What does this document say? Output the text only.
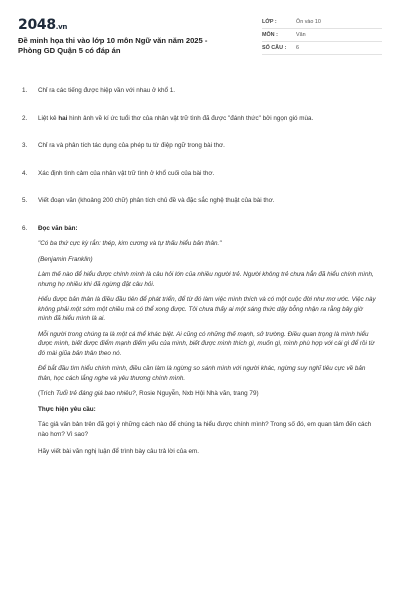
2048.vn
Đề minh họa thi vào lớp 10 môn Ngữ văn năm 2025 - Phòng GD Quận 5 có đáp án
LỚP :	Ôn vào 10
MÔN :	Văn
SỐ CÂU :	6
1.	Chỉ ra các tiếng được hiệp vần với nhau ở khổ 1.
2.	Liệt kê hai hình ảnh về kí ức tuổi thơ của nhân vật trữ tình đã được "đánh thức" bởi ngọn gió mùa.
3.	Chỉ ra và phân tích tác dụng của phép tu từ điệp ngữ trong bài thơ.
4.	Xác định tình cảm của nhân vật trữ tình ở khổ cuối của bài thơ.
5.	Viết đoạn văn (khoảng 200 chữ) phân tích chủ đề và đặc sắc nghệ thuật của bài thơ.
6.	Đọc văn bản:

"Có ba thứ cực kỳ rắn: thép, kim cương và tự thấu hiểu bản thân."

(Benjamin Franklin)

Làm thế nào để hiểu được chính mình là câu hỏi lớn của nhiều người trẻ. Người không trẻ chưa hẳn đã hiểu chính mình, nhưng họ nhiều khi đã ngừng đặt câu hỏi.

Hiểu được bản thân là điều đầu tiên để phát triển, để từ đó làm việc mình thích và có một cuộc đời như mơ ước. Việc này không phải một sớm một chiều mà có thể xong được. Tôi chưa thấy ai một sáng thức dậy bỗng nhận ra rằng bây giờ mình đã hiểu mình là ai.

Mỗi người trong chúng ta là một cá thể khác biệt. Ai cũng có những thế mạnh, sở trường. Điều quan trọng là mình hiểu được mình, biết được điểm mạnh điểm yếu của mình, biết được mình thích gì, muốn gì, mình phù hợp với cái gì để rồi từ đó mài giũa bản thân theo nó.

Để bắt đầu tìm hiểu chính mình, điều cần làm là ngừng so sánh mình với người khác, ngừng suy nghĩ tiêu cực về bản thân, học cách lắng nghe và yêu thương chính mình.

(Trích Tuổi trẻ đáng giá bao nhiêu?, Rosie Nguyễn, Nxb Hội Nhà văn, trang 79)

Thực hiện yêu cầu:

Tác giả văn bản trên đã gợi ý những cách nào để chúng ta hiểu được chính mình? Trong số đó, em quan tâm đến cách nào hơn? Vì sao?

Hãy viết bài văn nghị luận để trình bày câu trả lời của em.
